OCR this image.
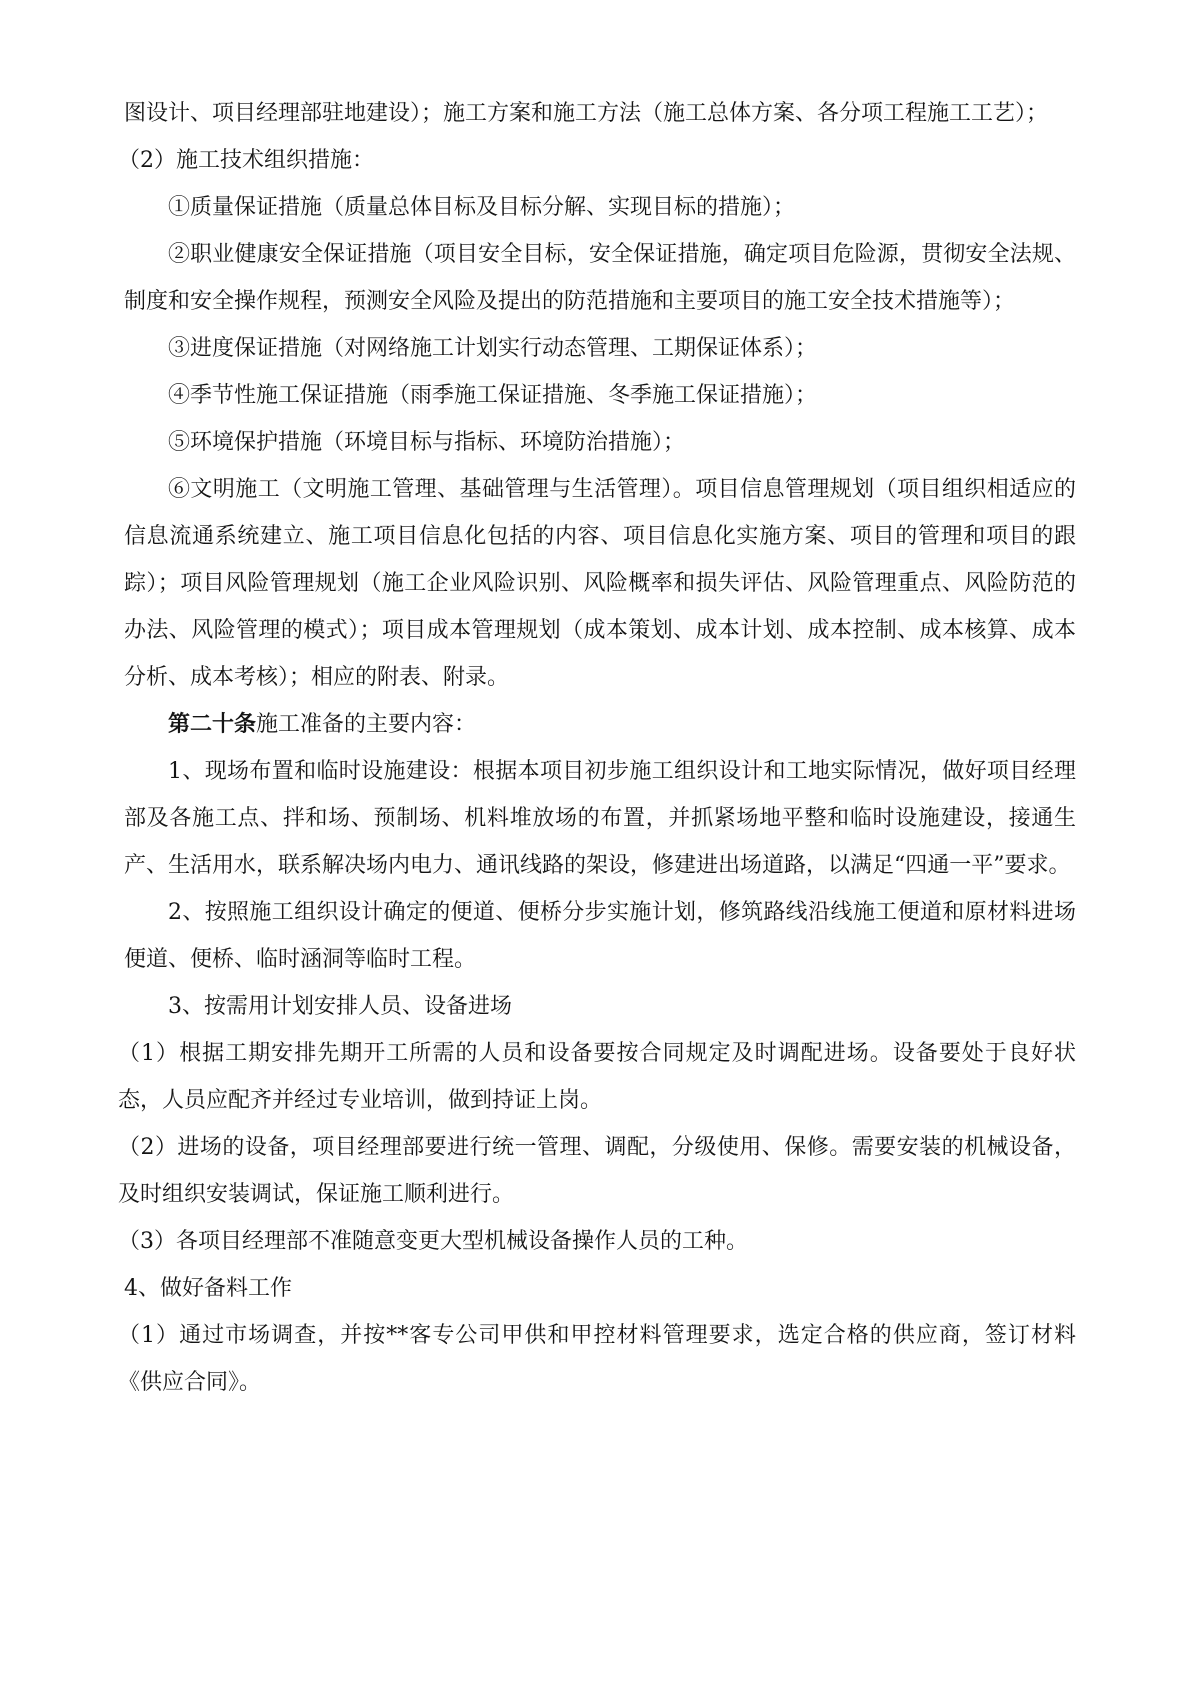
图设计、项目经理部驻地建设）；施工方案和施工方法（施工总体方案、各分项工程施工工艺）；

（2）施工技术组织措施：

①质量保证措施（质量总体目标及目标分解、实现目标的措施）；

②职业健康安全保证措施（项目安全目标，安全保证措施，确定项目危险源，贯彻安全法规、制度和安全操作规程，预测安全风险及提出的防范措施和主要项目的施工安全技术措施等）；

③进度保证措施（对网络施工计划实行动态管理、工期保证体系）；

④季节性施工保证措施（雨季施工保证措施、冬季施工保证措施）；

⑤环境保护措施（环境目标与指标、环境防治措施）；

⑥文明施工（文明施工管理、基础管理与生活管理）。项目信息管理规划（项目组织相适应的信息流通系统建立、施工项目信息化包括的内容、项目信息化实施方案、项目的管理和项目的跟踪）；项目风险管理规划（施工企业风险识别、风险概率和损失评估、风险管理重点、风险防范的办法、风险管理的模式）；项目成本管理规划（成本策划、成本计划、成本控制、成本核算、成本分析、成本考核）；相应的附表、附录。

第二十条施工准备的主要内容：

1、现场布置和临时设施建设：根据本项目初步施工组织设计和工地实际情况，做好项目经理部及各施工点、拌和场、预制场、机料堆放场的布置，并抓紧场地平整和临时设施建设，接通生产、生活用水，联系解决场内电力、通讯线路的架设，修建进出场道路，以满足“四通一平”要求。

2、按照施工组织设计确定的便道、便桥分步实施计划，修筑路线沿线施工便道和原材料进场便道、便桥、临时涵洞等临时工程。

3、按需用计划安排人员、设备进场

（1）根据工期安排先期开工所需的人员和设备要按合同规定及时调配进场。设备要处于良好状态，人员应配齐并经过专业培训，做到持证上岗。

（2）进场的设备，项目经理部要进行统一管理、调配，分级使用、保修。需要安装的机械设备，及时组织安装调试，保证施工顺利进行。

（3）各项目经理部不准随意变更大型机械设备操作人员的工种。

4、做好备料工作

（1）通过市场调查，并按**客专公司甲供和甲控材料管理要求，选定合格的供应商，签订材料《供应合同》。
